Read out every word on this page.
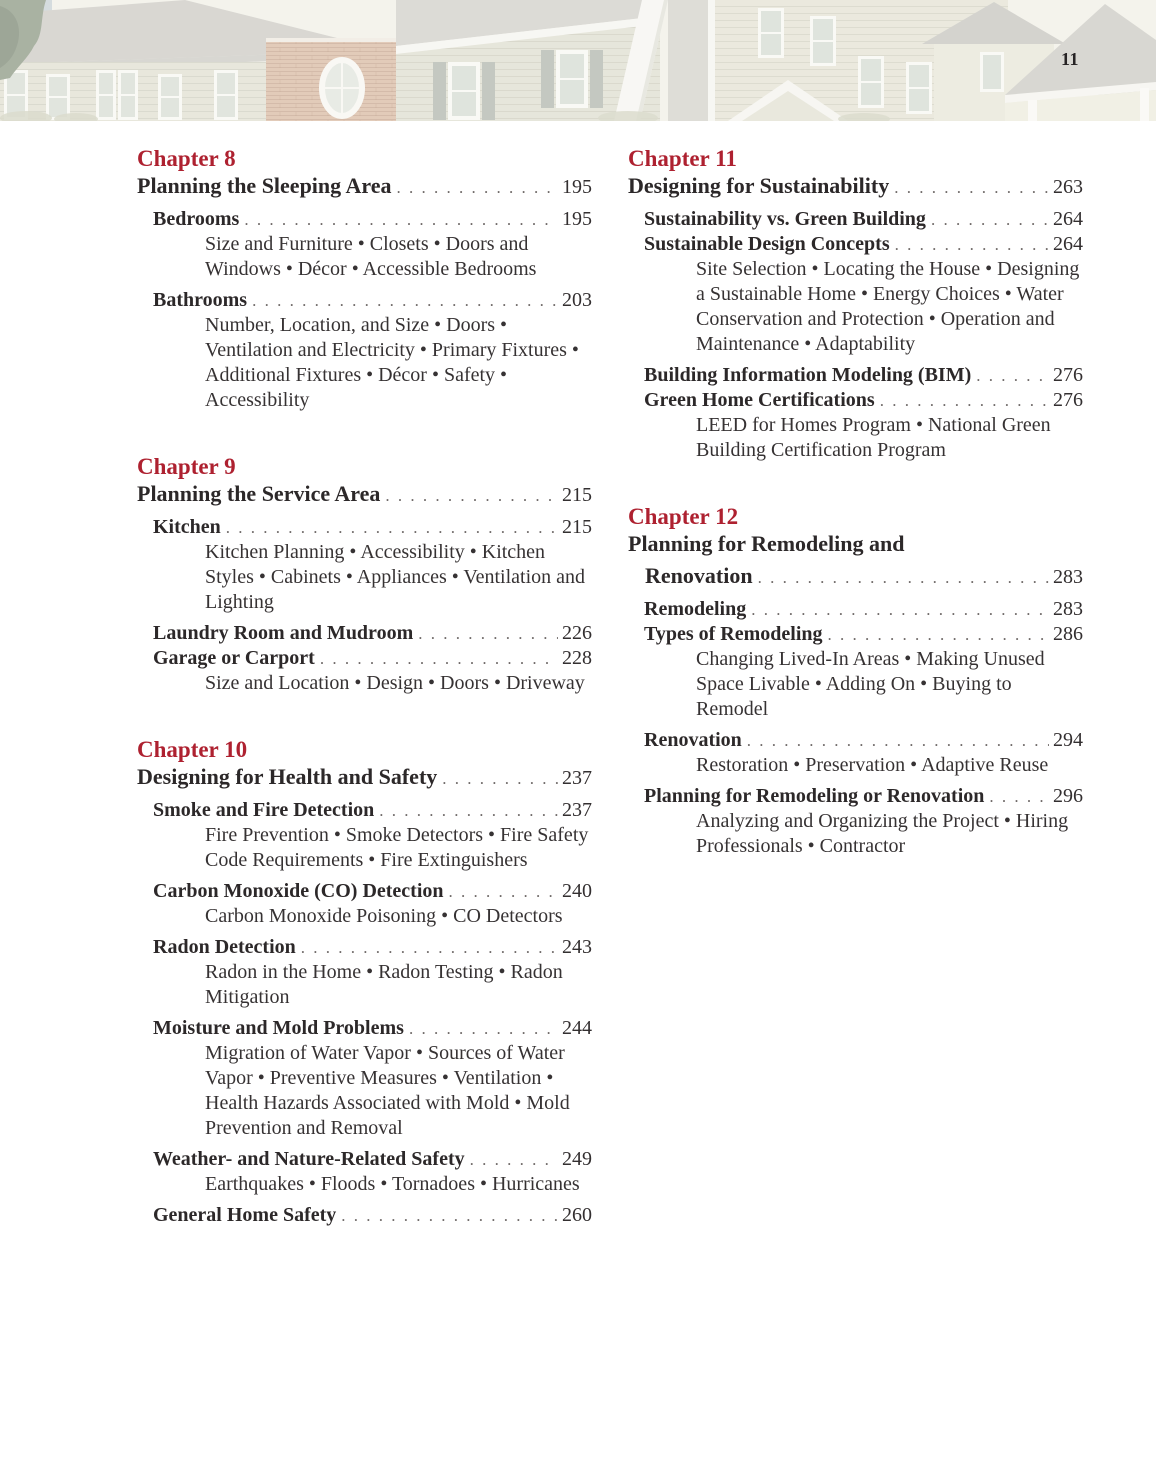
11
Chapter 8
Planning the Sleeping Area . . .	195
Bedrooms . . .	195
Size and Furniture • Closets • Doors and Windows • Décor • Accessible Bedrooms
Bathrooms . . .	203
Number, Location, and Size • Doors • Ventilation and Electricity • Primary Fixtures • Additional Fixtures • Décor • Safety • Accessibility
Chapter 9
Planning the Service Area . . .	215
Kitchen . . .	215
Kitchen Planning • Accessibility • Kitchen Styles • Cabinets • Appliances • Ventilation and Lighting
Laundry Room and Mudroom . . .	226
Garage or Carport . . .	228
Size and Location • Design • Doors • Driveway
Chapter 10
Designing for Health and Safety . . .	237
Smoke and Fire Detection . . .	237
Fire Prevention • Smoke Detectors • Fire Safety Code Requirements • Fire Extinguishers
Carbon Monoxide (CO) Detection . . .	240
Carbon Monoxide Poisoning • CO Detectors
Radon Detection . . .	243
Radon in the Home • Radon Testing • Radon Mitigation
Moisture and Mold Problems . . .	244
Migration of Water Vapor • Sources of Water Vapor • Preventive Measures • Ventilation • Health Hazards Associated with Mold • Mold Prevention and Removal
Weather- and Nature-Related Safety . . .	249
Earthquakes • Floods • Tornadoes • Hurricanes
General Home Safety . . .	260
Chapter 11
Designing for Sustainability . . .	263
Sustainability vs. Green Building . . .	264
Sustainable Design Concepts . . .	264
Site Selection • Locating the House • Designing a Sustainable Home • Energy Choices • Water Conservation and Protection • Operation and Maintenance • Adaptability
Building Information Modeling (BIM) . . .	276
Green Home Certifications . . .	276
LEED for Homes Program • National Green Building Certification Program
Chapter 12
Planning for Remodeling and
Renovation . . .	283
Remodeling . . .	283
Types of Remodeling . . .	286
Changing Lived-In Areas • Making Unused Space Livable • Adding On • Buying to Remodel
Renovation . . .	294
Restoration • Preservation • Adaptive Reuse
Planning for Remodeling or Renovation . . .	296
Analyzing and Organizing the Project • Hiring Professionals • Contractor
